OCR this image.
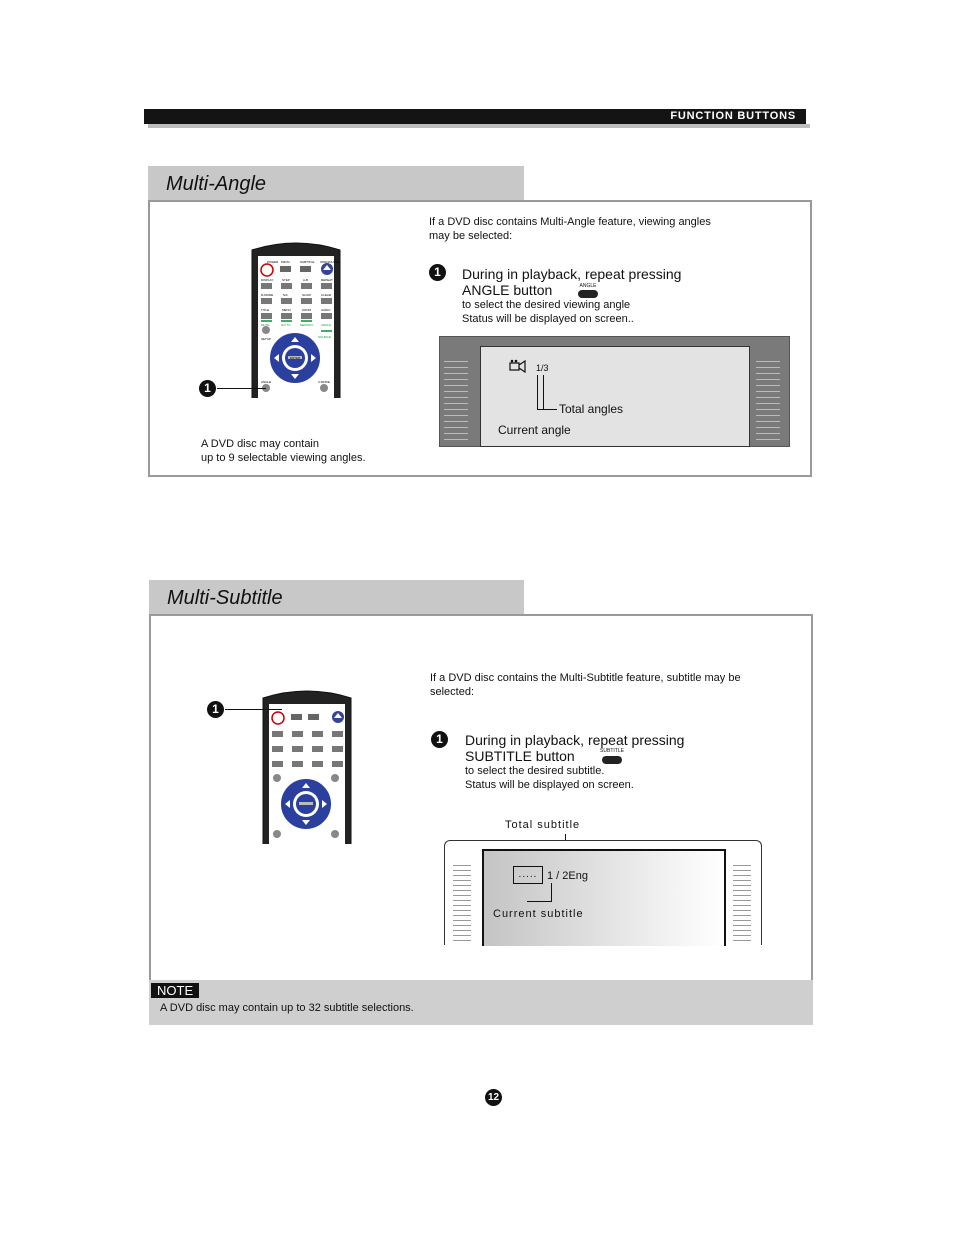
FUNCTION BUTTONS
Multi-Angle
POWER PROG	SUBTITLE OPEN/CLOSE
DISPLAY	STEP	A-B	REPEAT
R-MODE	N/F	SLOW	CLEAR
TITLE	MENU	ZOOM	AUDIO
MUTE	GO TO	MEMORY	ANGLE
SETUP	SOURCE
ENTER
ANGLE	V-MODE
1
A DVD disc may contain
up to 9 selectable viewing angles.
If a DVD disc contains Multi-Angle feature, viewing angles
may be selected:
1	During in playback, repeat pressing
ANGLE button	ANGLE
to select the desired viewing angle
Status will be displayed on screen..
1/3
Total angles
Current angle
Multi-Subtitle
1
If a DVD disc contains the Multi-Subtitle feature, subtitle may be
selected:
1	During in playback, repeat pressing
SUBTITLE button	SUBTITLE
to select the desired subtitle.
Status will be displayed on screen.
Total subtitle
..... 1 / 2Eng
Current subtitle
NOTE
A DVD disc may contain up to 32 subtitle selections.
12
